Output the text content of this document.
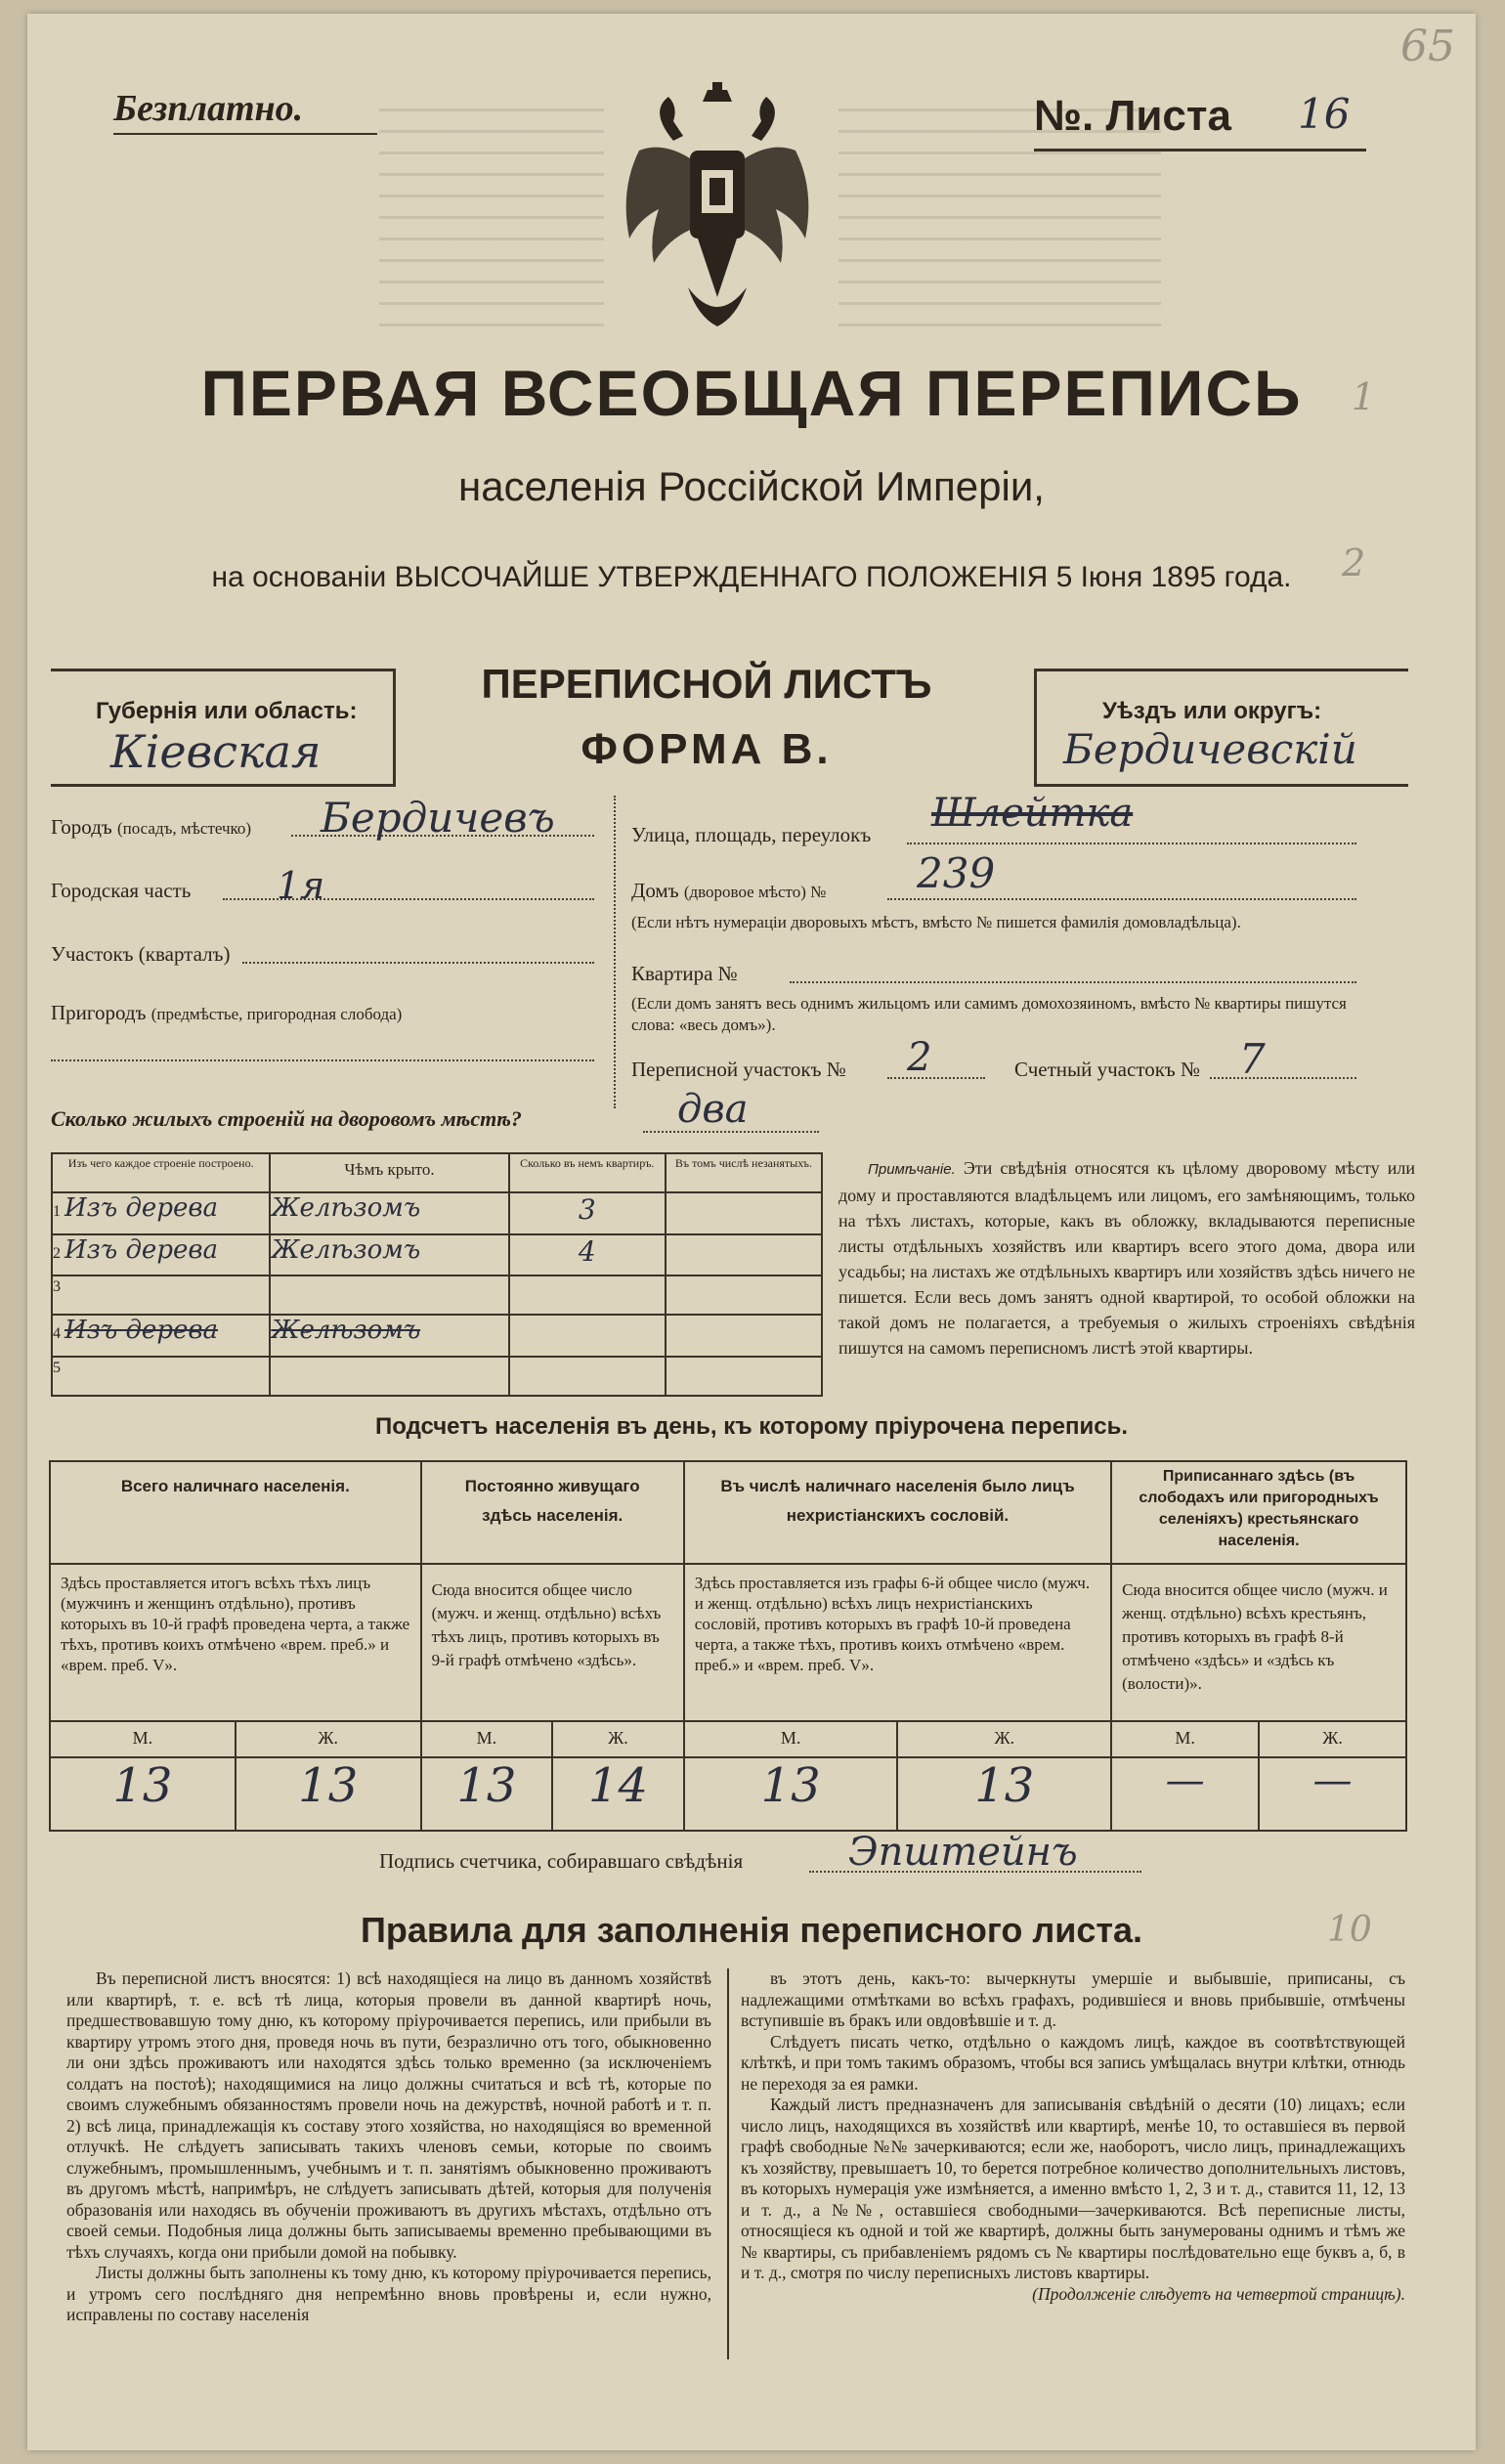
65
1
2
10
Безплатно.	№. Листа 16
ПЕРВАЯ ВСЕОБЩАЯ ПЕРЕПИСЬ
населенія Россійской Имперіи,
на основаніи ВЫСОЧАЙШЕ УТВЕРЖДЕННАГО ПОЛОЖЕНІЯ 5 Іюня 1895 года.
Губернія или область:
Кіевская
ПЕРЕПИСНОЙ ЛИСТЪ
ФОРМА В.
Уѣздъ или округъ:
Бердичевскій
Городъ (посадъ, мѣстечко) Бердичевъ
Городская часть 1я
Участокъ (кварталъ)
Пригородъ (предмѣстье, пригородная слобода)
Улица, площадь, переулокъ Шлейтка
Домъ (дворовое мѣсто) № 239
(Если нѣтъ нумераціи дворовыхъ мѣстъ, вмѣсто № пишется фамилія домовладѣльца).
Квартира №
(Если домъ занятъ весь однимъ жильцомъ или самимъ домохозяиномъ, вмѣсто № квартиры пишутся слова: «весь домъ»).
Переписной участокъ № 2	Счетный участокъ № 7
Сколько жилыхъ строеній на дворовомъ мѣстѣ?	два
Изъ чего каждое строеніе построено.	Чѣмъ крыто.	Сколько въ немъ квартиръ.	Въ томъ числѣ незанятыхъ.

1 Изъ дерева	Желѣзомъ	3	
2 Изъ дерева	Желѣзомъ	4	
3			
4 Изъ дерева	Желѣзомъ		
5			
Примѣчаніе. Эти свѣдѣнія относятся къ цѣлому дворовому мѣсту или дому и проставляются владѣльцемъ или лицомъ, его замѣняющимъ, только на тѣхъ листахъ, которые, какъ въ обложку, вкладываются переписные листы отдѣльныхъ хозяйствъ или квартиръ всего этого дома, двора или усадьбы; на листахъ же отдѣльныхъ квартиръ или хозяйствъ здѣсь ничего не пишется. Если весь домъ занятъ одной квартирой, то особой обложки на такой домъ не полагается, а требуемыя о жилыхъ строеніяхъ свѣдѣнія пишутся на самомъ переписномъ листѣ этой квартиры.
Подсчетъ населенія въ день, къ которому пріурочена перепись.
Всего наличнаго населенія.		Постоянно живущаго здѣсь населенія.		Въ числѣ наличнаго населенія было лицъ нехристіанскихъ сословій.		Приписаннаго здѣсь (въ слободахъ или пригородныхъ селеніяхъ) крестьянскаго населенія.	

Здѣсь проставляется итогъ всѣхъ тѣхъ лицъ (мужчинъ и женщинъ отдѣльно), противъ которыхъ въ 10-й графѣ проведена черта, а также тѣхъ, противъ коихъ отмѣчено «врем. преб.» и «врем. преб. V».		Сюда вносится общее число (мужч. и женщ. отдѣльно) всѣхъ тѣхъ лицъ, противъ которыхъ въ 9-й графѣ отмѣчено «здѣсь».		Здѣсь проставляется изъ графы 6-й общее число (мужч. и женщ. отдѣльно) всѣхъ лицъ нехристіанскихъ сословій, противъ которыхъ въ графѣ 10-й проведена черта, а также тѣхъ, противъ коихъ отмѣчено «врем. преб.» и «врем. преб. V».		Сюда вносится общее число (мужч. и женщ. отдѣльно) всѣхъ крестьянъ, противъ которыхъ въ графѣ 8-й отмѣчено «здѣсь» и «здѣсь къ (волости)».	

М.	Ж.	М.	Ж.	М.	Ж.	М.	Ж.

13	13	13	14	13	13	—	—
Подпись счетчика, собиравшаго свѣдѣнія	Эпштейнъ
Правила для заполненія переписного листа.

Въ переписной листъ вносятся: 1) всѣ находящіеся на лицо въ данномъ хозяйствѣ или квартирѣ, т. е. всѣ тѣ лица, которыя провели въ данной квартирѣ ночь, предшествовавшую тому дню, къ которому пріурочивается перепись, или прибыли въ квартиру утромъ этого дня, проведя ночь въ пути, безразлично отъ того, обыкновенно ли они здѣсь проживаютъ или находятся здѣсь только временно (за исключеніемъ солдатъ на постоѣ); находящимися на лицо должны считаться и всѣ тѣ, которые по своимъ служебнымъ обязанностямъ провели ночь на дежурствѣ, ночной работѣ и т. п. 2) всѣ лица, принадлежащія къ составу этого хозяйства, но находящіяся во временной отлучкѣ. Не слѣдуетъ записывать такихъ членовъ семьи, которые по своимъ служебнымъ, промышленнымъ, учебнымъ и т. п. занятіямъ обыкновенно проживаютъ въ другомъ мѣстѣ, напримѣръ, не слѣдуетъ записывать дѣтей, которыя для полученія образованія или находясь въ обученіи проживаютъ въ другихъ мѣстахъ, отдѣльно отъ своей семьи. Подобныя лица должны быть записываемы временно пребывающими въ тѣхъ случаяхъ, когда они прибыли домой на побывку.

Листы должны быть заполнены къ тому дню, къ которому пріурочивается перепись, и утромъ сего послѣдняго дня непремѣнно вновь провѣрены и, если нужно, исправлены по составу населенія

въ этотъ день, какъ-то: вычеркнуты умершіе и выбывшіе, приписаны, съ надлежащими отмѣтками во всѣхъ графахъ, родившіеся и вновь прибывшіе, отмѣчены вступившіе въ бракъ или овдовѣвшіе и т. д.

Слѣдуетъ писать четко, отдѣльно о каждомъ лицѣ, каждое въ соотвѣтствующей клѣткѣ, и при томъ такимъ образомъ, чтобы вся запись умѣщалась внутри клѣтки, отнюдь не переходя за ея рамки.

Каждый листъ предназначенъ для записыванія свѣдѣній о десяти (10) лицахъ; если число лицъ, находящихся въ хозяйствѣ или квартирѣ, менѣе 10, то оставшіеся въ первой графѣ свободные №№ зачеркиваются; если же, наоборотъ, число лицъ, принадлежащихъ къ хозяйству, превышаетъ 10, то берется потребное количество дополнительныхъ листовъ, въ которыхъ нумерація уже измѣняется, а именно вмѣсто 1, 2, 3 и т. д., ставится 11, 12, 13 и т. д., а №№, оставшіеся свободными—зачеркиваются. Всѣ переписные листы, относящіеся къ одной и той же квартирѣ, должны быть занумерованы однимъ и тѣмъ же № квартиры, съ прибавленіемъ рядомъ съ № квартиры послѣдовательно еще буквъ а, б, в и т. д., смотря по числу переписныхъ листовъ квартиры.

(Продолженіе слѣдуетъ на четвертой страницѣ).
